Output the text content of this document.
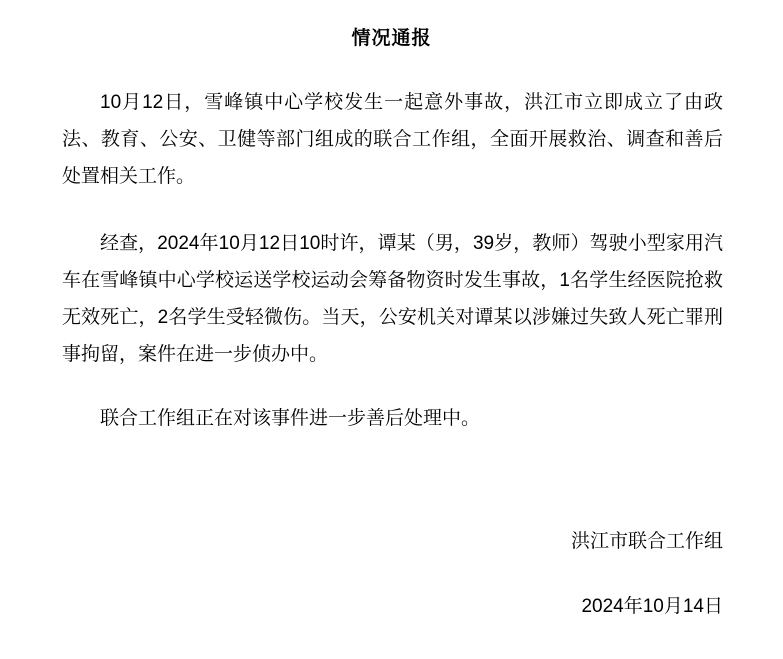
情况通报

10月12日，雪峰镇中心学校发生一起意外事故，洪江市立即成立了由政法、教育、公安、卫健等部门组成的联合工作组，全面开展救治、调查和善后处置相关工作。

经查，2024年10月12日10时许，谭某（男，39岁，教师）驾驶小型家用汽车在雪峰镇中心学校运送学校运动会筹备物资时发生事故，1名学生经医院抢救无效死亡，2名学生受轻微伤。当天，公安机关对谭某以涉嫌过失致人死亡罪刑事拘留，案件在进一步侦办中。

联合工作组正在对该事件进一步善后处理中。

洪江市联合工作组

2024年10月14日
